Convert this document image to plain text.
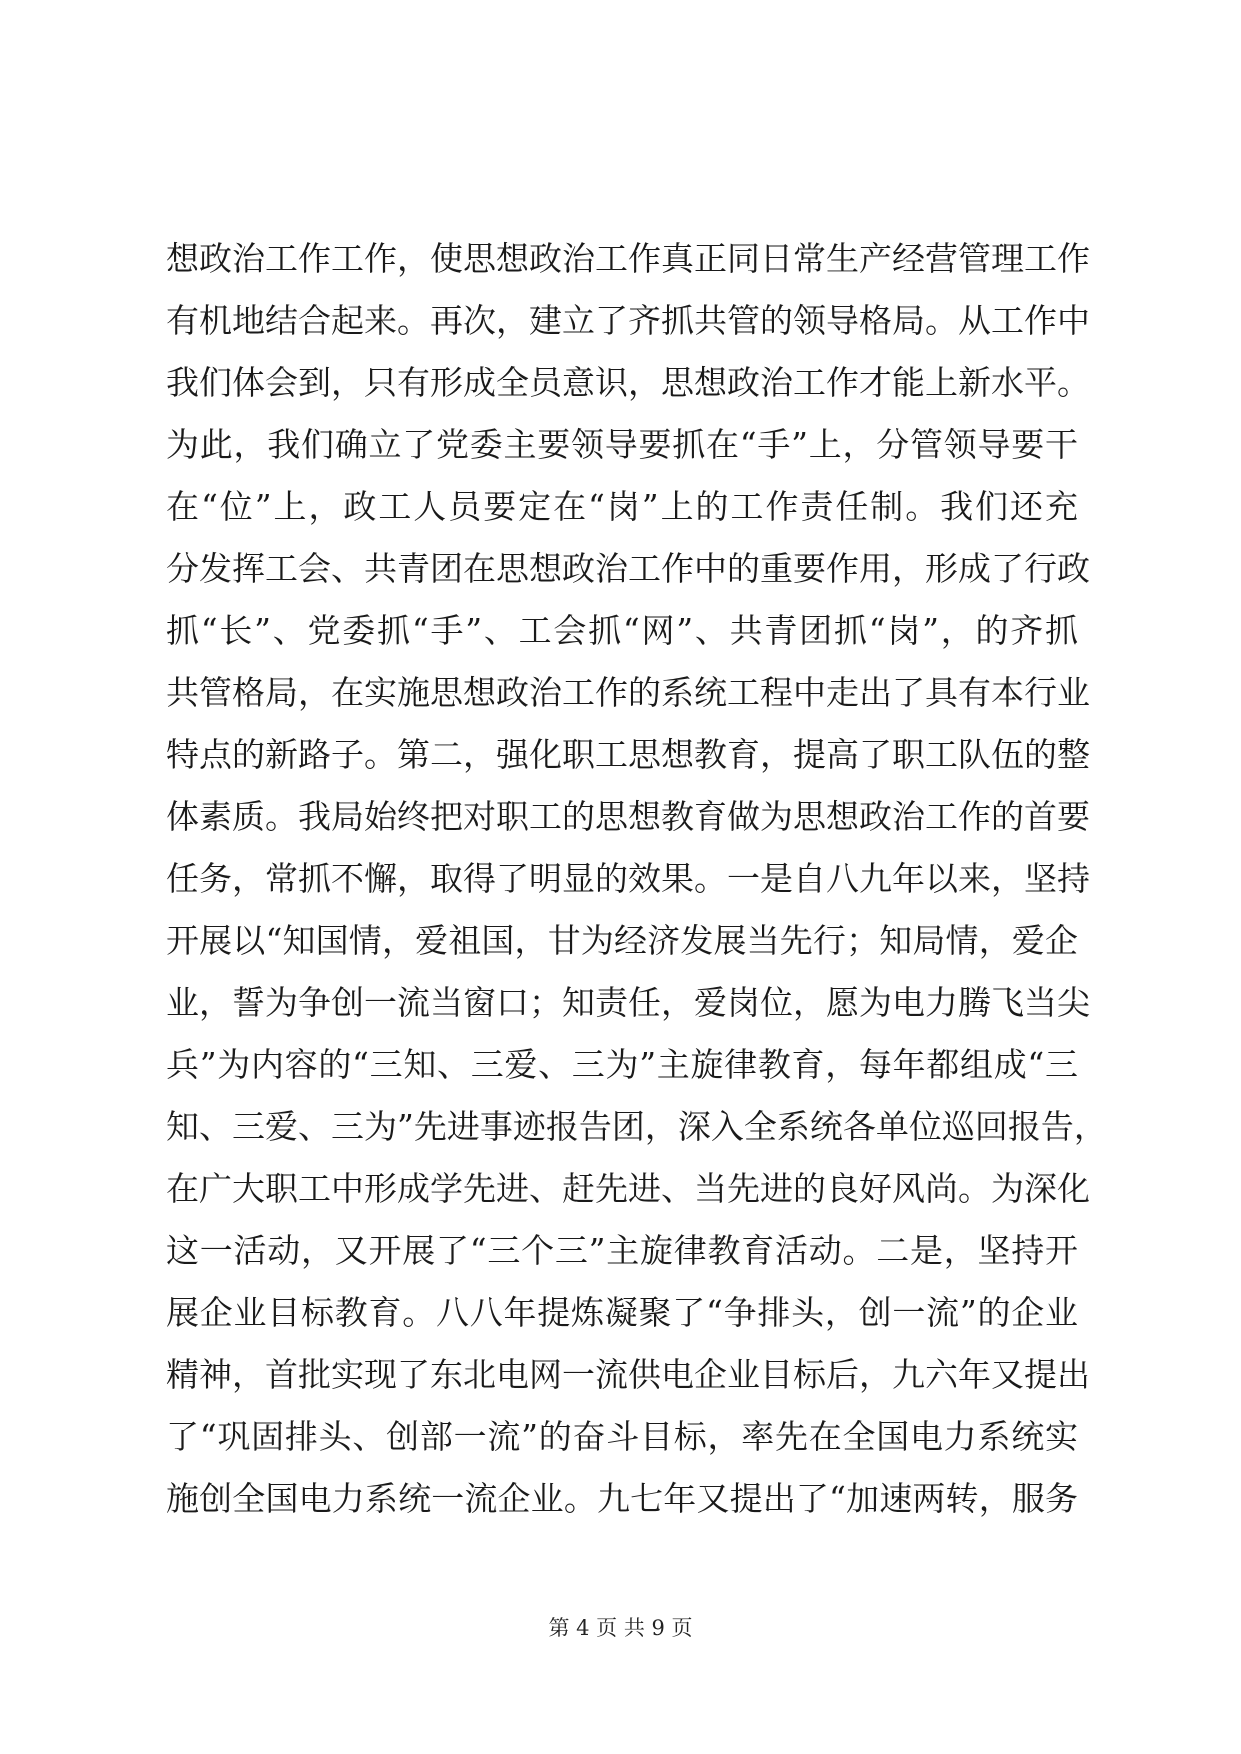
想政治工作工作，使思想政治工作真正同日常生产经营管理工作
有机地结合起来。再次，建立了齐抓共管的领导格局。从工作中
我们体会到，只有形成全员意识，思想政治工作才能上新水平。
为此，我们确立了党委主要领导要抓在“手”上，分管领导要干
在“位”上，政工人员要定在“岗”上的工作责任制。我们还充
分发挥工会、共青团在思想政治工作中的重要作用，形成了行政
抓“长”、党委抓“手”、工会抓“网”、共青团抓“岗”，的齐抓
共管格局，在实施思想政治工作的系统工程中走出了具有本行业
特点的新路子。第二，强化职工思想教育，提高了职工队伍的整
体素质。我局始终把对职工的思想教育做为思想政治工作的首要
任务，常抓不懈，取得了明显的效果。一是自八九年以来，坚持
开展以“知国情，爱祖国，甘为经济发展当先行；知局情，爱企
业，誓为争创一流当窗口；知责任，爱岗位，愿为电力腾飞当尖
兵”为内容的“三知、三爱、三为”主旋律教育，每年都组成“三
知、三爱、三为”先进事迹报告团，深入全系统各单位巡回报告，
在广大职工中形成学先进、赶先进、当先进的良好风尚。为深化
这一活动，又开展了“三个三”主旋律教育活动。二是，坚持开
展企业目标教育。八八年提炼凝聚了“争排头，创一流”的企业
精神，首批实现了东北电网一流供电企业目标后，九六年又提出
了“巩固排头、创部一流”的奋斗目标，率先在全国电力系统实
施创全国电力系统一流企业。九七年又提出了“加速两转，服务
第 4 页 共 9 页
